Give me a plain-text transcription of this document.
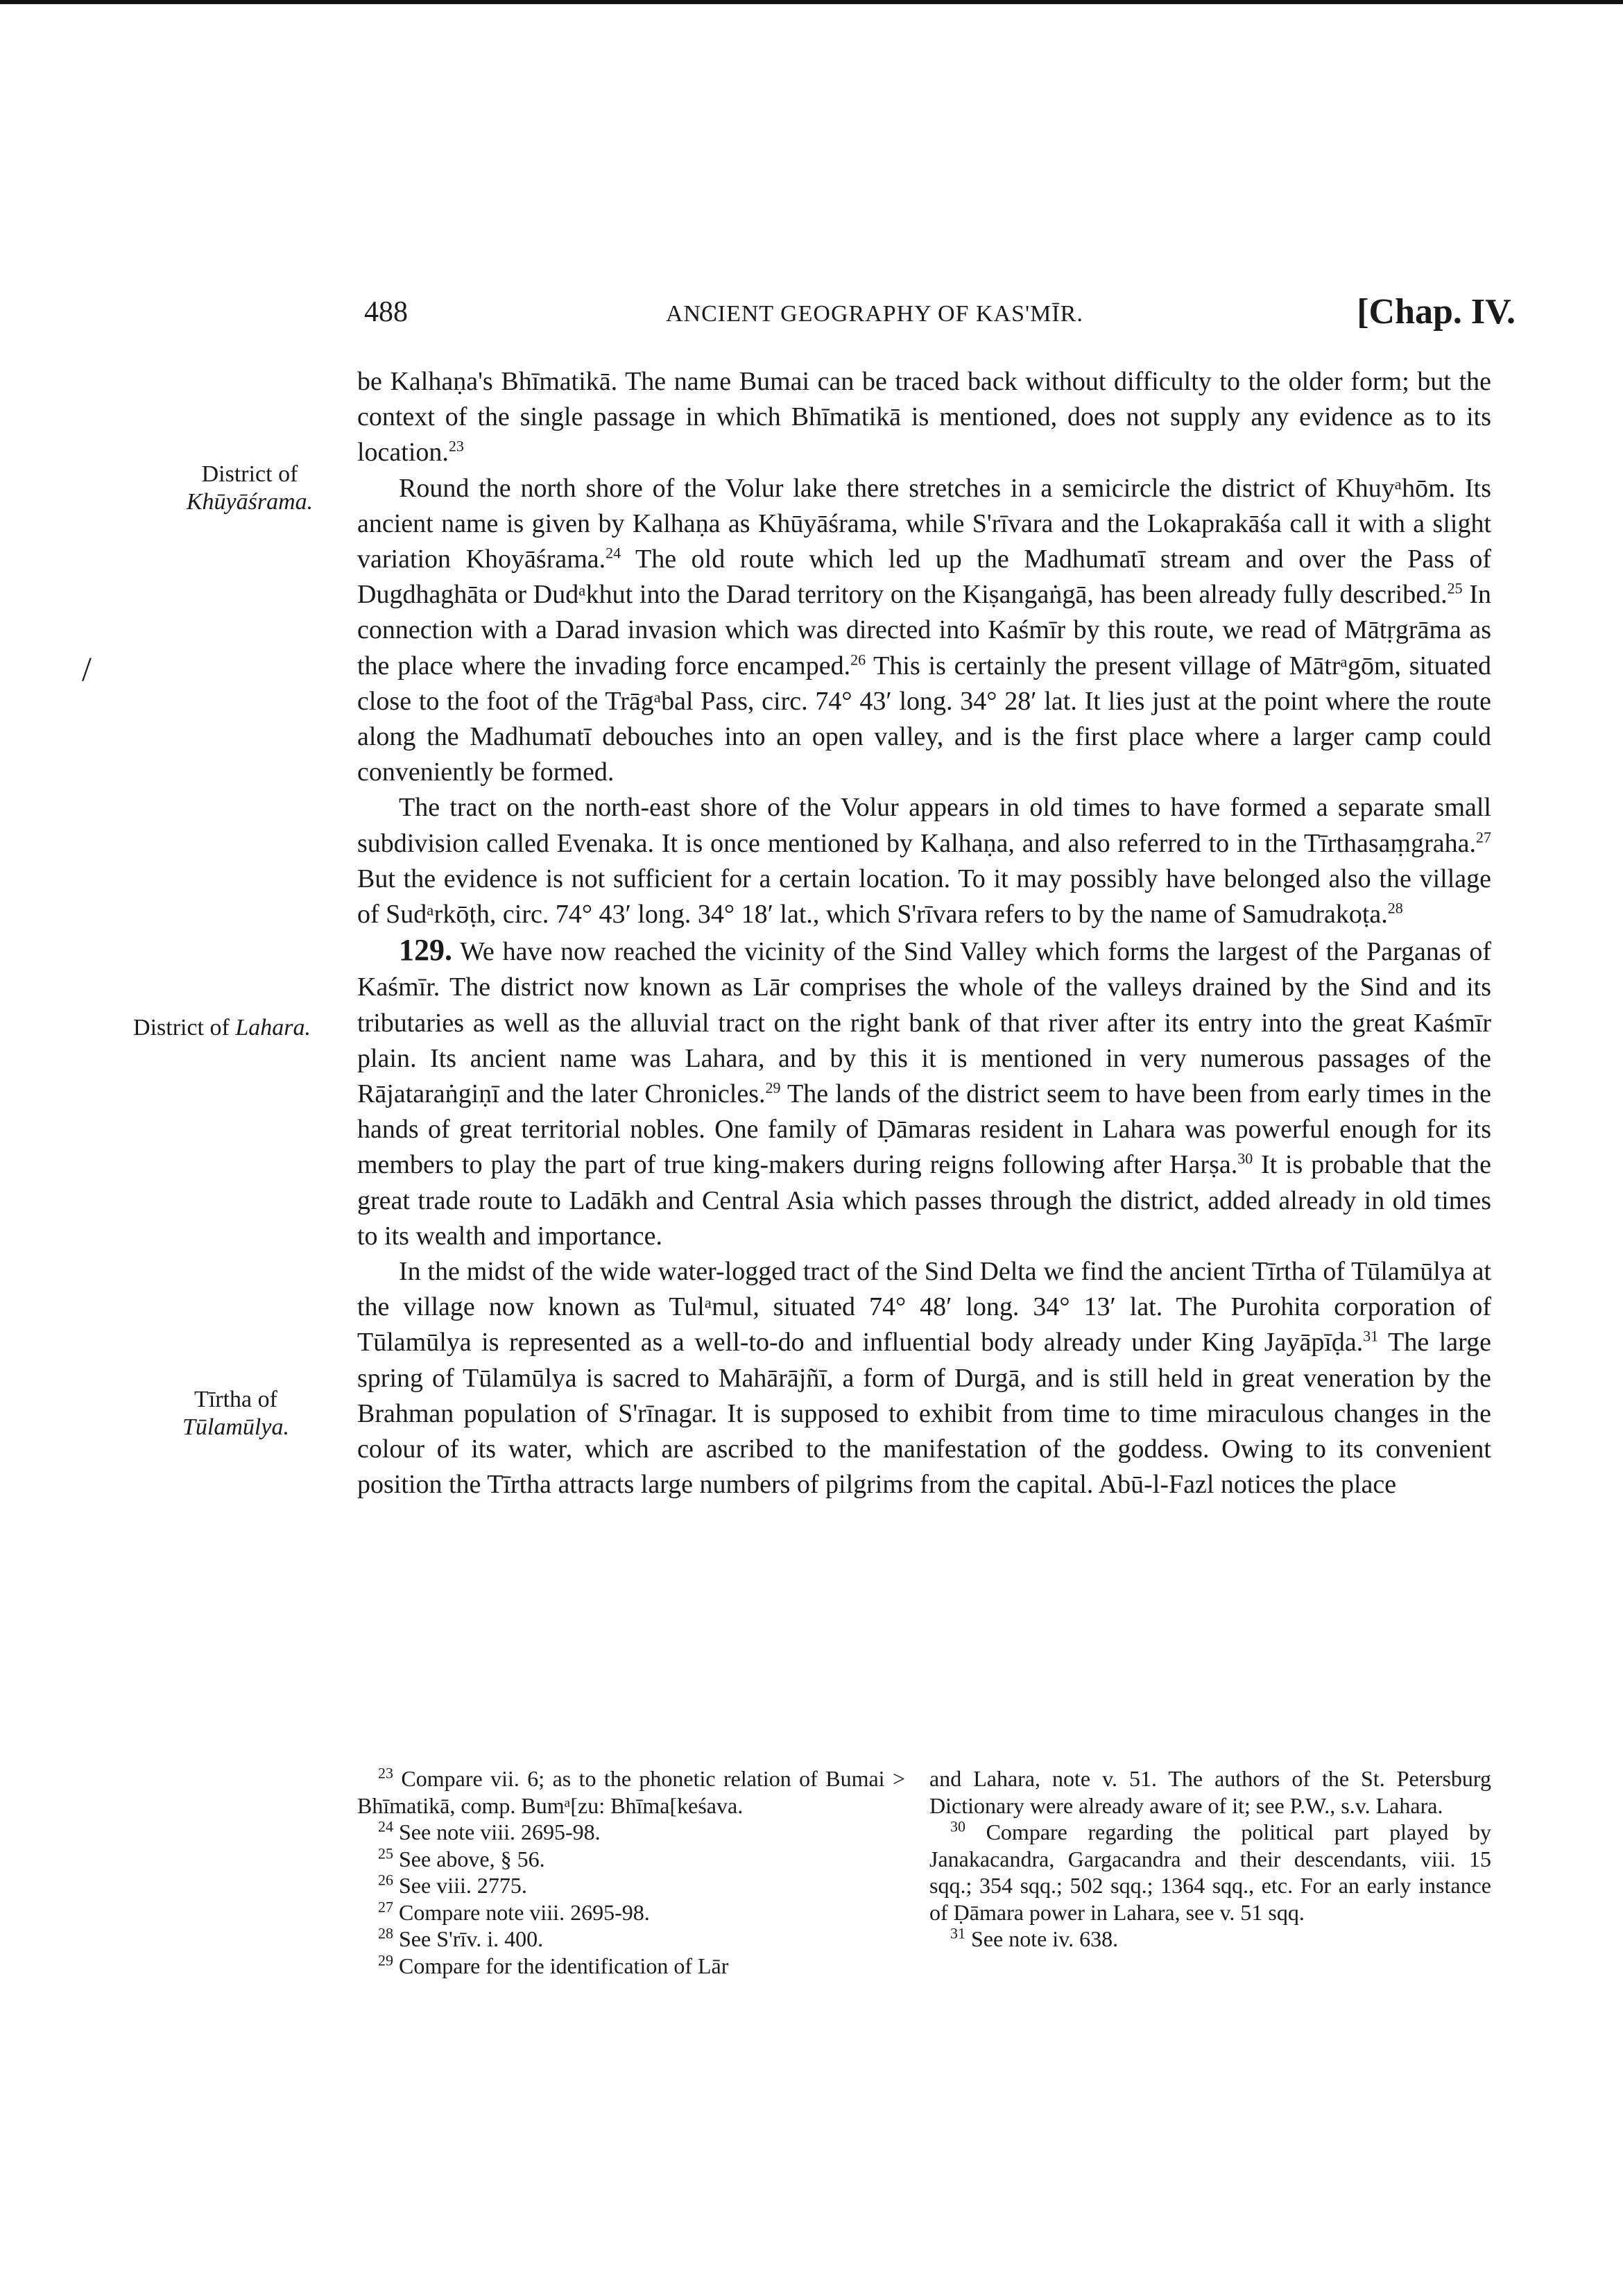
488	ANCIENT GEOGRAPHY OF KAS'MĪR.	[Chap. IV.
/
District of
Khūyāśrama.
District of Lahara.
Tīrtha of
Tūlamūlya.

be Kalhaṇa's Bhīmatikā. The name Bumai can be traced back without difficulty to the older form; but the context of the single passage in which Bhīmatikā is mentioned, does not supply any evidence as to its location.$^{23}$

Round the north shore of the Volur lake there stretches in a semicircle the district of Khuyᵃhōm. Its ancient name is given by Kalhaṇa as Khūyāśrama, while S'rīvara and the Lokaprakāśa call it with a slight variation Khoyāśrama.$^{24}$ The old route which led up the Madhumatī stream and over the Pass of Dugdhaghāta or Dudᵃkhut into the Darad territory on the Kiṣangaṅgā, has been already fully described.$^{25}$ In connection with a Darad invasion which was directed into Kaśmīr by this route, we read of Mātṛgrāma as the place where the invading force encamped.$^{26}$ This is certainly the present village of Mātrᵃgōm, situated close to the foot of the Trāgᵃbal Pass, circ. 74° 43′ long. 34° 28′ lat. It lies just at the point where the route along the Madhumatī debouches into an open valley, and is the first place where a larger camp could conveniently be formed.

The tract on the north-east shore of the Volur appears in old times to have formed a separate small subdivision called Evenaka. It is once mentioned by Kalhaṇa, and also referred to in the Tīrthasaṃgraha.$^{27}$ But the evidence is not sufficient for a certain location. To it may possibly have belonged also the village of Sudᵃrkōṭh, circ. 74° 43′ long. 34° 18′ lat., which S'rīvara refers to by the name of Samudrakoṭa.$^{28}$

129. We have now reached the vicinity of the Sind Valley which forms the largest of the Parganas of Kaśmīr. The district now known as Lār comprises the whole of the valleys drained by the Sind and its tributaries as well as the alluvial tract on the right bank of that river after its entry into the great Kaśmīr plain. Its ancient name was Lahara, and by this it is mentioned in very numerous passages of the Rājataraṅgiṇī and the later Chronicles.$^{29}$ The lands of the district seem to have been from early times in the hands of great territorial nobles. One family of Ḍāmaras resident in Lahara was powerful enough for its members to play the part of true king-makers during reigns following after Harṣa.$^{30}$ It is probable that the great trade route to Ladākh and Central Asia which passes through the district, added already in old times to its wealth and importance.

In the midst of the wide water-logged tract of the Sind Delta we find the ancient Tīrtha of Tūlamūlya at the village now known as Tulᵃmul, situated 74° 48′ long. 34° 13′ lat. The Purohita corporation of Tūlamūlya is represented as a well-to-do and influential body already under King Jayāpīḍa.$^{31}$ The large spring of Tūlamūlya is sacred to Mahārājñī, a form of Durgā, and is still held in great veneration by the Brahman population of S'rīnagar. It is supposed to exhibit from time to time miraculous changes in the colour of its water, which are ascribed to the manifestation of the goddess. Owing to its convenient position the Tīrtha attracts large numbers of pilgrims from the capital. Abū-l-Fazl notices the place

$^{23}$ Compare vii. 6; as to the phonetic relation of Bumai > Bhīmatikā, comp. Bumᵃ[zu: Bhīma[keśava.

$^{24}$ See note viii. 2695-98.

$^{25}$ See above, § 56.

$^{26}$ See viii. 2775.

$^{27}$ Compare note viii. 2695-98.

$^{28}$ See S'rīv. i. 400.

$^{29}$ Compare for the identification of Lār

and Lahara, note v. 51. The authors of the St. Petersburg Dictionary were already aware of it; see P.W., s.v. Lahara.

$^{30}$ Compare regarding the political part played by Janakacandra, Gargacandra and their descendants, viii. 15 sqq.; 354 sqq.; 502 sqq.; 1364 sqq., etc. For an early instance of Ḍāmara power in Lahara, see v. 51 sqq.

$^{31}$ See note iv. 638.
